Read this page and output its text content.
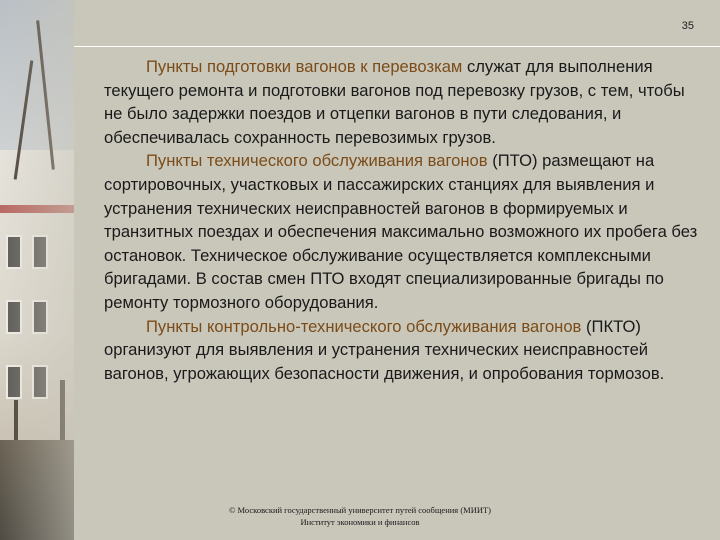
35

Пункты подготовки вагонов к перевозкам служат для выполнения текущего ремонта и подготовки вагонов под перевозку грузов, с тем, чтобы не было задержки поездов и отцепки вагонов в пути следования, и обеспечивалась сохранность перевозимых грузов.

Пункты технического обслуживания вагонов (ПТО) размещают на сортировочных, участковых и пассажирских станциях для выявления и устранения технических неисправностей вагонов в формируемых и транзитных поездах и обеспечения максимально возможного их пробега без остановок. Техническое обслуживание осуществляется комплексными бригадами. В состав смен ПТО входят специализированные бригады по ремонту тормозного оборудования.

Пункты контрольно-технического обслуживания вагонов (ПКТО) организуют для выявления и устранения технических неисправностей вагонов, угрожающих безопасности движения, и опробования тормозов.

© Московский государственный университет путей сообщения (МИИТ)
Институт экономики и финансов
